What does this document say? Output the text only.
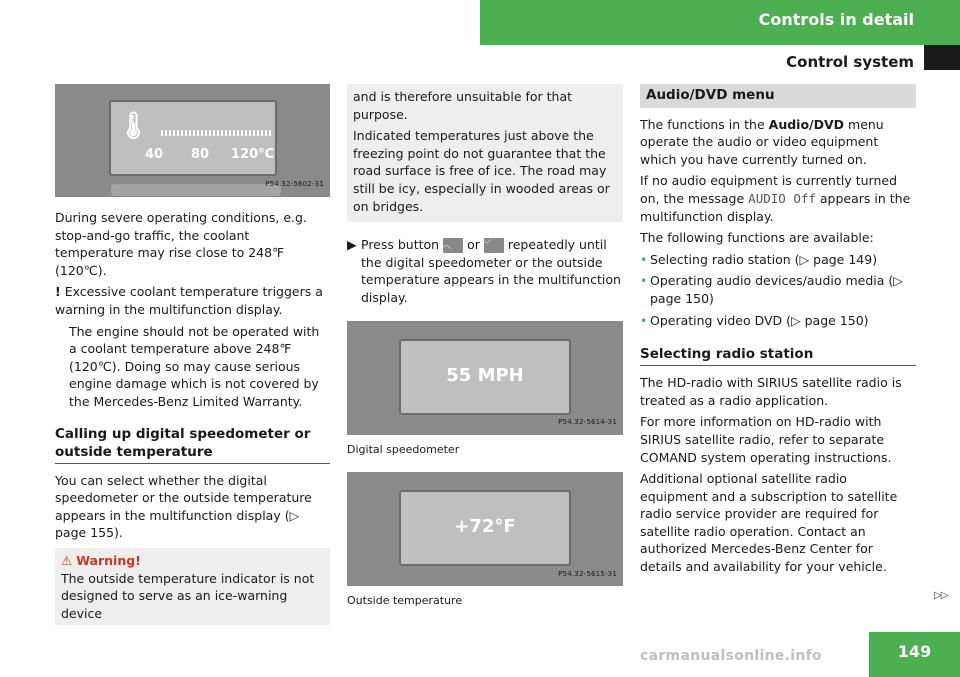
Controls in detail
Control system
🌡
40 80 120°C
P54.32-5602-31

During severe operating conditions, e.g. stop-and-go traffic, the coolant temperature may rise close to 248℉ (120℃).

! Excessive coolant temperature triggers a warning in the multifunction display.

The engine should not be operated with a coolant temperature above 248℉ (120℃). Doing so may cause serious engine damage which is not covered by the Mercedes-Benz Limited Warranty.

Calling up digital speedometer or outside temperature

You can select whether the digital speedometer or the outside temperature appears in the multifunction display (▷ page 155).

⚠ Warning!
The outside temperature indicator is not designed to serve as an ice-warning device

and is therefore unsuitable for that purpose.

Indicated temperatures just above the freezing point do not guarantee that the road surface is free of ice. The road may still be icy, especially in wooded areas or on bridges.

▶ Press button ︿ or ﹀ repeatedly until the digital speedometer or the outside temperature appears in the multifunction display.

55 MPH
P54.32-5614-31
Digital speedometer
+72°F
P54.32-5615-31
Outside temperature
Audio/DVD menu

The functions in the Audio/DVD menu operate the audio or video equipment which you have currently turned on.

If no audio equipment is currently turned on, the message AUDIO Off appears in the multifunction display.

The following functions are available:

• Selecting radio station (▷ page 149)

• Operating audio devices/audio media (▷ page 150)

• Operating video DVD (▷ page 150)

Selecting radio station

The HD-radio with SIRIUS satellite radio is treated as a radio application.

For more information on HD-radio with SIRIUS satellite radio, refer to separate COMAND system operating instructions.

Additional optional satellite radio equipment and a subscription to satellite radio service provider are required for satellite radio operation. Contact an authorized Mercedes-Benz Center for details and availability for your vehicle.

▷▷
carmanualsonline.info	149
